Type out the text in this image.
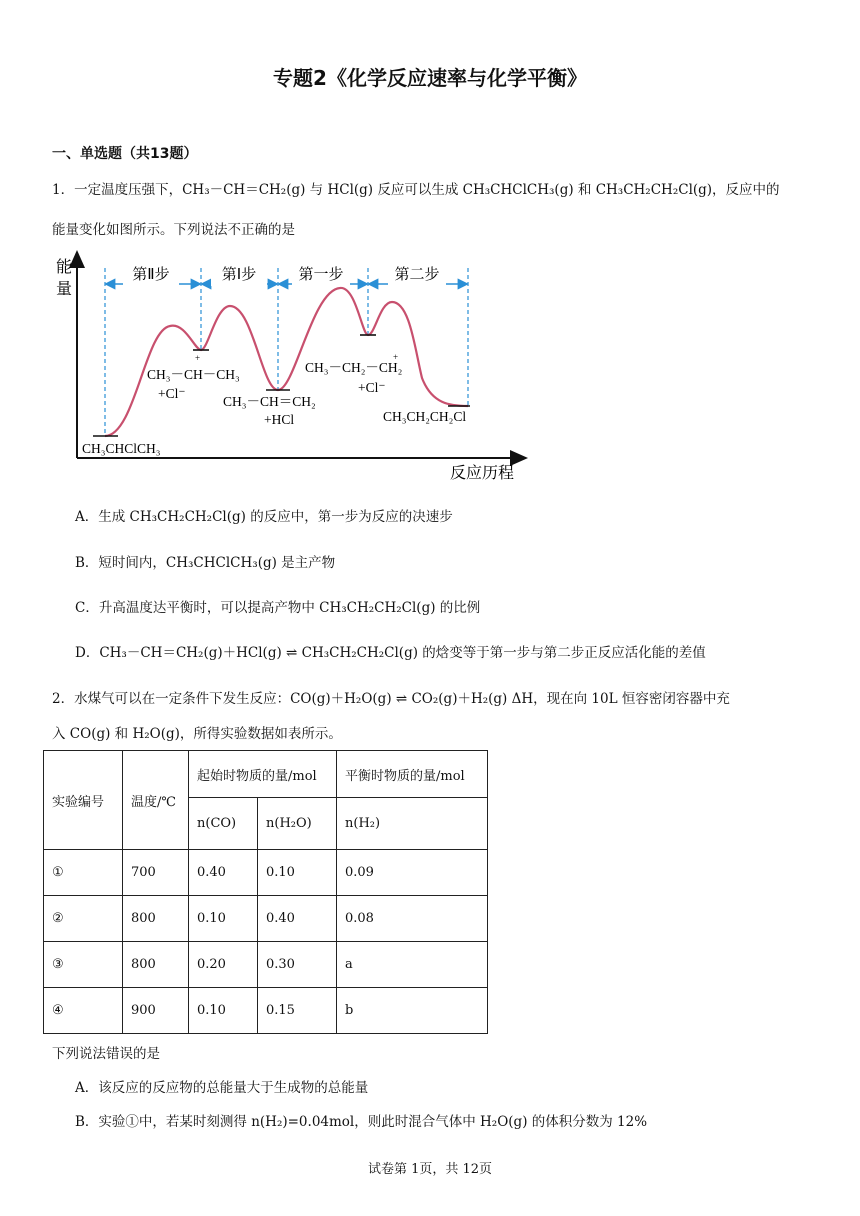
专题2《化学反应速率与化学平衡》
一、单选题（共13题）
1．一定温度压强下，CH₃－CH＝CH₂(g) 与 HCl(g) 反应可以生成 CH₃CHClCH₃(g) 和 CH₃CH₂CH₂Cl(g)，反应中的
能量变化如图所示。下列说法不正确的是
第Ⅱ步	第Ⅰ步	第一步	第二步
能
量
反应历程
CH₃CHClCH₃
+
CH₃－CH－CH₃
+Cl⁻
CH₃－CH＝CH₂
+HCl
+
CH₃－CH₂－CH₂
+Cl⁻
CH₃CH₂CH₂Cl
A．生成 CH₃CH₂CH₂Cl(g) 的反应中，第一步为反应的决速步
B．短时间内，CH₃CHClCH₃(g) 是主产物
C．升高温度达平衡时，可以提高产物中 CH₃CH₂CH₂Cl(g) 的比例
D．CH₃－CH＝CH₂(g)＋HCl(g) ⇌ CH₃CH₂CH₂Cl(g) 的焓变等于第一步与第二步正反应活化能的差值
2．水煤气可以在一定条件下发生反应：CO(g)＋H₂O(g) ⇌ CO₂(g)＋H₂(g) ΔH，现在向 10L 恒容密闭容器中充
入 CO(g) 和 H₂O(g)，所得实验数据如表所示。
实验编号	温度/℃	起始时物质的量/mol		平衡时物质的量/mol
		n(CO)	n(H₂O)	n(H₂)
①	700	0.40	0.10	0.09
②	800	0.10	0.40	0.08
③	800	0.20	0.30	a
④	900	0.10	0.15	b
下列说法错误的是
A．该反应的反应物的总能量大于生成物的总能量
B．实验①中，若某时刻测得 n(H₂)=0.04mol，则此时混合气体中 H₂O(g) 的体积分数为 12%
试卷第 1页，共 12页
